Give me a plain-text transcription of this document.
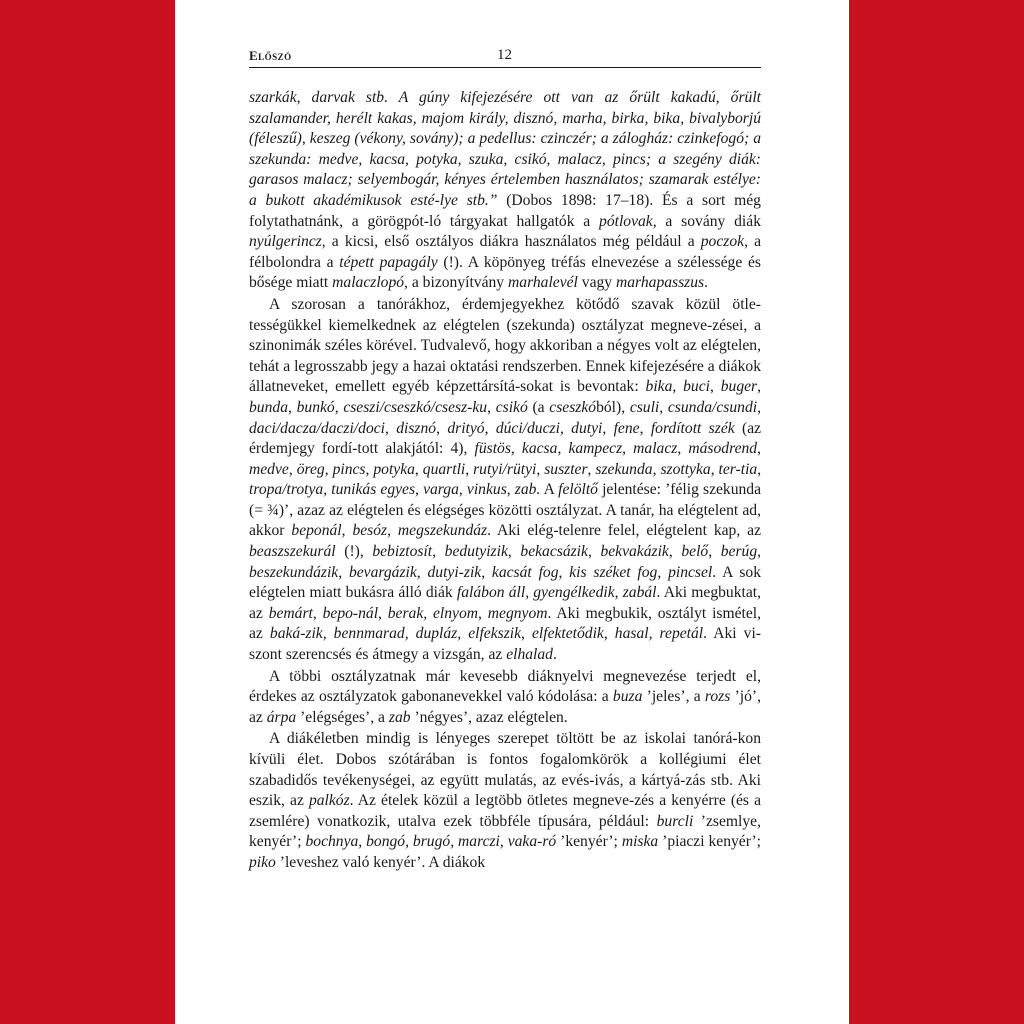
Előszó	12

szarkák, darvak stb. A gúny kifejezésére ott van az őrült kakadú, őrült szalamander, herélt kakas, majom király, disznó, marha, birka, bika, bivalyborjú (féleszű), keszeg (vékony, sovány); a pedellus: czinczér; a zálogház: czinkefogó; a szekunda: medve, kacsa, potyka, szuka, csikó, malacz, pincs; a szegény diák: garasos malacz; selyembogár, kényes értelemben használatos; szamarak estélye: a bukott akadémikusok esté-lye stb.” (Dobos 1898: 17–18). És a sort még folytathatnánk, a görögpót-ló tárgyakat hallgatók a pótlovak, a sovány diák nyúlgerincz, a kicsi, első osztályos diákra használatos még például a poczok, a félbolondra a tépett papagály (!). A köpönyeg tréfás elnevezése a szélessége és bősége miatt malaczlopó, a bizonyítvány marhalevél vagy marhapasszus.

A szorosan a tanórákhoz, érdemjegyekhez kötődő szavak közül ötle-tességükkel kiemelkednek az elégtelen (szekunda) osztályzat megneve-zései, a szinonimák széles körével. Tudvalevő, hogy akkoriban a négyes volt az elégtelen, tehát a legrosszabb jegy a hazai oktatási rendszerben. Ennek kifejezésére a diákok állatneveket, emellett egyéb képzettársítá-sokat is bevontak: bika, buci, buger, bunda, bunkó, cseszi/cseszkó/csesz-ku, csikó (a cseszkóból), csuli, csunda/csundi, daci/dacza/daczi/doci, disznó, drityó, dúci/duczi, dutyi, fene, fordított szék (az érdemjegy fordí-tott alakjától: 4), füstös, kacsa, kampecz, malacz, másodrend, medve, öreg, pincs, potyka, quartli, rutyi/rütyi, suszter, szekunda, szottyka, ter-tia, tropa/trotya, tunikás egyes, varga, vinkus, zab. A felöltő jelentése: ’félig szekunda (= ¾)’, azaz az elégtelen és elégséges közötti osztályzat. A tanár, ha elégtelent ad, akkor beponál, besóz, megszekundáz. Aki elég-telenre felel, elégtelent kap, az beaszszekurál (!), bebiztosít, bedutyizik, bekacsázik, bekvakázik, belő, berúg, beszekundázik, bevargázik, dutyi-zik, kacsát fog, kis széket fog, pincsel. A sok elégtelen miatt bukásra álló diák falábon áll, gyengélkedik, zabál. Aki megbuktat, az bemárt, bepo-nál, berak, elnyom, megnyom. Aki megbukik, osztályt ismétel, az baká-zik, bennmarad, dupláz, elfekszik, elfektetődik, hasal, repetál. Aki vi-szont szerencsés és átmegy a vizsgán, az elhalad.

A többi osztályzatnak már kevesebb diáknyelvi megnevezése terjedt el, érdekes az osztályzatok gabonanevekkel való kódolása: a buza ’jeles’, a rozs ’jó’, az árpa ’elégséges’, a zab ’négyes’, azaz elégtelen.

A diákéletben mindig is lényeges szerepet töltött be az iskolai tanórá-kon kívüli élet. Dobos szótárában is fontos fogalomkörök a kollégiumi élet szabadidős tevékenységei, az együtt mulatás, az evés-ivás, a kártyá-zás stb. Aki eszik, az palkóz. Az ételek közül a legtöbb ötletes megneve-zés a kenyérre (és a zsemlére) vonatkozik, utalva ezek többféle típusára, például: burcli ’zsemlye, kenyér’; bochnya, bongó, brugó, marczi, vaka-ró ’kenyér’; miska ’piaczi kenyér’; piko ’leveshez való kenyér’. A diákok
